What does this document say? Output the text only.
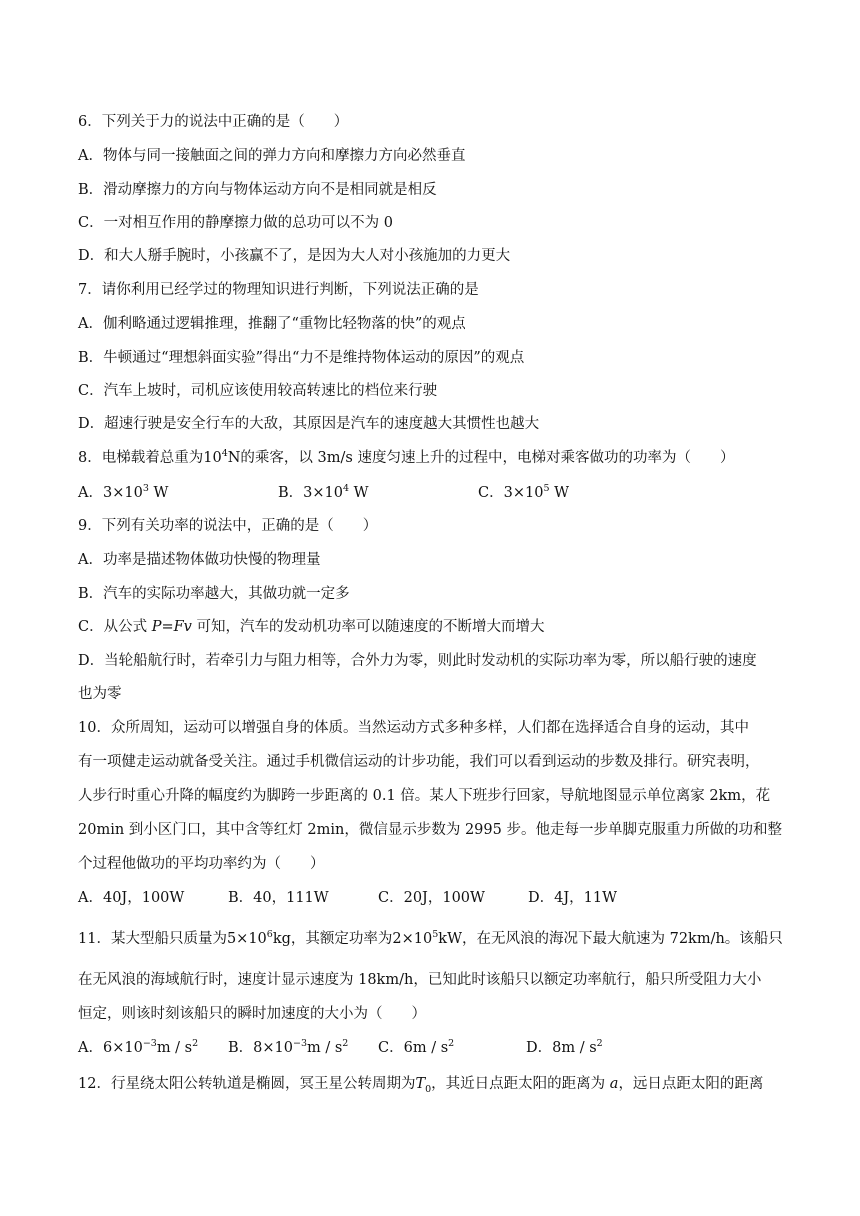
6．下列关于力的说法中正确的是（　　）
A．物体与同一接触面之间的弹力方向和摩擦力方向必然垂直
B．滑动摩擦力的方向与物体运动方向不是相同就是相反
C．一对相互作用的静摩擦力做的总功可以不为 0
D．和大人掰手腕时，小孩赢不了，是因为大人对小孩施加的力更大
7．请你利用已经学过的物理知识进行判断，下列说法正确的是
A．伽利略通过逻辑推理，推翻了“重物比轻物落的快”的观点
B．牛顿通过“理想斜面实验”得出“力不是维持物体运动的原因”的观点
C．汽车上坡时，司机应该使用较高转速比的档位来行驶
D．超速行驶是安全行车的大敌，其原因是汽车的速度越大其惯性也越大
8．电梯载着总重为$10^4N$的乘客，以 3m/s 速度匀速上升的过程中，电梯对乘客做功的功率为（　　）
A．$3\times 10^3$ W	B．$3\times 10^4$ W	C．$3\times 10^5$ W
9．下列有关功率的说法中，正确的是（　　）
A．功率是描述物体做功快慢的物理量
B．汽车的实际功率越大，其做功就一定多
C．从公式 P=Fv 可知，汽车的发动机功率可以随速度的不断增大而增大
D．当轮船航行时，若牵引力与阻力相等，合外力为零，则此时发动机的实际功率为零，所以船行驶的速度
也为零
10．众所周知，运动可以增强自身的体质。当然运动方式多种多样，人们都在选择适合自身的运动，其中
有一项健走运动就备受关注。通过手机微信运动的计步功能，我们可以看到运动的步数及排行。研究表明，
人步行时重心升降的幅度约为脚跨一步距离的 0.1 倍。某人下班步行回家，导航地图显示单位离家 2km，花
20min 到小区门口，其中含等红灯 2min，微信显示步数为 2995 步。他走每一步单脚克服重力所做的功和整
个过程他做功的平均功率约为（　　）
A．40J，100W	B．40，111W	C．20J，100W	D．4J，11W
11．某大型船只质量为$5\times 10^6kg$，其额定功率为$2\times 10^5kW$，在无风浪的海况下最大航速为 72km/h。该船只
在无风浪的海域航行时，速度计显示速度为 18km/h，已知此时该船只以额定功率航行，船只所受阻力大小
恒定，则该时刻该船只的瞬时加速度的大小为（　　）
A．$6\times 10^{-3}m / s^2$ B．$8\times 10^{-3}m / s^2$ C．$6m / s^2$	D．$8m / s^2$
12．行星绕太阳公转轨道是椭圆，冥王星公转周期为$T_0$，其近日点距太阳的距离为 a，远日点距太阳的距离
